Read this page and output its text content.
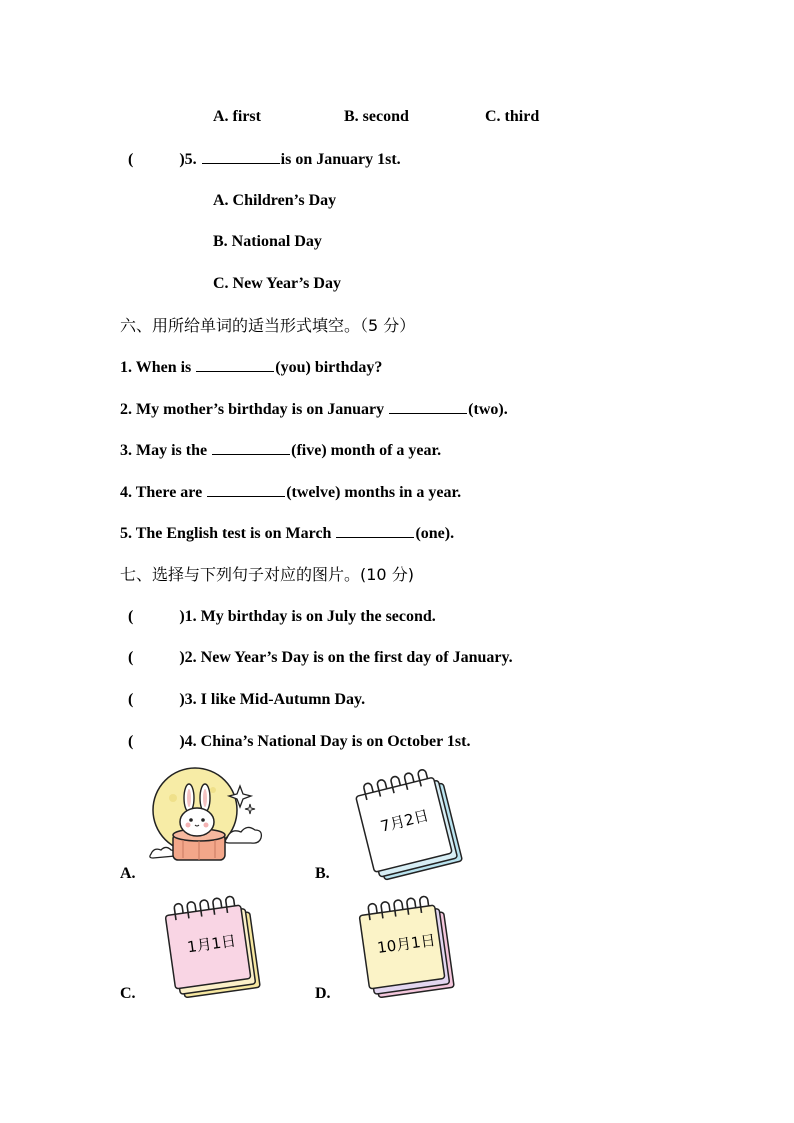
A. first	B. second	C. third
(	)5.	is on January 1st.
A. Children’s Day
B. National Day
C. New Year’s Day
六、用所给单词的适当形式填空。（5 分）
1. When is	(you) birthday?
2. My mother’s birthday is on January	(two).
3. May is the	(five) month of a year.
4. There are	(twelve) months in a year.
5. The English test is on March	(one).
七、选择与下列句子对应的图片。(10 分)
(	)1. My birthday is on July the second.
(	)2. New Year’s Day is on the first day of January.
(	)3. I like Mid-Autumn Day.
(	)4. China’s National Day is on October 1st.
A.	B.
7月2日
C.
1月1日
D.
10月1日
